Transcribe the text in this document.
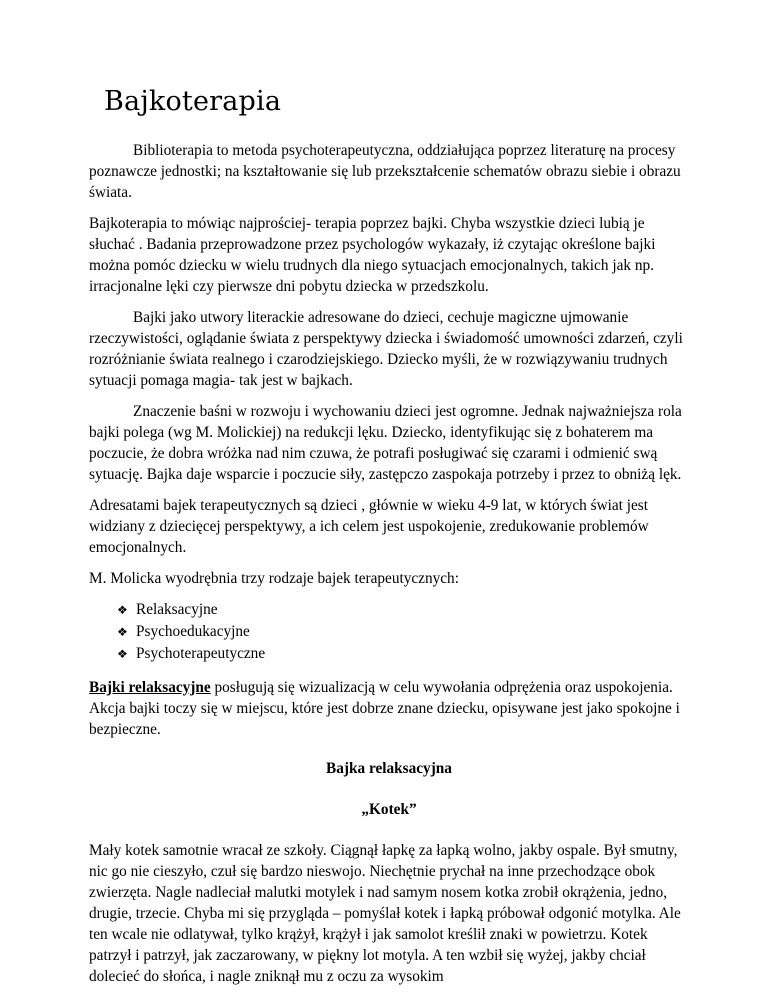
Bajkoterapia

Biblioterapia to metoda psychoterapeutyczna, oddziałująca poprzez literaturę na procesy poznawcze jednostki; na kształtowanie się lub przekształcenie schematów obrazu siebie i obrazu świata.

Bajkoterapia to mówiąc najprościej- terapia poprzez bajki. Chyba wszystkie dzieci lubią je słuchać . Badania przeprowadzone przez psychologów wykazały, iż czytając określone bajki można pomóc dziecku w wielu trudnych dla niego sytuacjach emocjonalnych, takich jak np. irracjonalne lęki czy pierwsze dni pobytu dziecka w przedszkolu.

Bajki jako utwory literackie adresowane do dzieci, cechuje magiczne ujmowanie rzeczywistości, oglądanie świata z perspektywy dziecka i świadomość umowności zdarzeń, czyli rozróżnianie świata realnego i czarodziejskiego. Dziecko myśli, że w rozwiązywaniu trudnych sytuacji pomaga magia- tak jest w bajkach.

Znaczenie baśni w rozwoju i wychowaniu dzieci jest ogromne. Jednak najważniejsza rola bajki polega (wg M. Molickiej) na redukcji lęku. Dziecko, identyfikując się z bohaterem ma poczucie, że dobra wróżka nad nim czuwa, że potrafi posługiwać się czarami i odmienić swą sytuację. Bajka daje wsparcie i poczucie siły, zastępczo zaspokaja potrzeby i przez to obniżą lęk.

Adresatami bajek terapeutycznych są dzieci , głównie w wieku 4-9 lat, w których świat jest widziany z dziecięcej perspektywy, a ich celem jest uspokojenie, zredukowanie problemów emocjonalnych.

M. Molicka wyodrębnia trzy rodzaje bajek terapeutycznych:

❖ Relaksacyjne
❖ Psychoedukacyjne
❖ Psychoterapeutyczne

Bajki relaksacyjne posługują się wizualizacją w celu wywołania odprężenia oraz uspokojenia. Akcja bajki toczy się w miejscu, które jest dobrze znane dziecku, opisywane jest jako spokojne i bezpieczne.

Bajka relaksacyjna

„Kotek”

Mały kotek samotnie wracał ze szkoły. Ciągnął łapkę za łapką wolno, jakby ospale. Był smutny, nic go nie cieszyło, czuł się bardzo nieswojo. Niechętnie prychał na inne przechodzące obok zwierzęta. Nagle nadleciał malutki motylek i nad samym nosem kotka zrobił okrążenia, jedno, drugie, trzecie. Chyba mi się przygląda – pomyślał kotek i łapką próbował odgonić motylka. Ale ten wcale nie odlatywał, tylko krążył, krążył i jak samolot kreślił znaki w powietrzu. Kotek patrzył i patrzył, jak zaczarowany, w piękny lot motyla. A ten wzbił się wyżej, jakby chciał dolecieć do słońca, i nagle zniknął mu z oczu za wysokim
